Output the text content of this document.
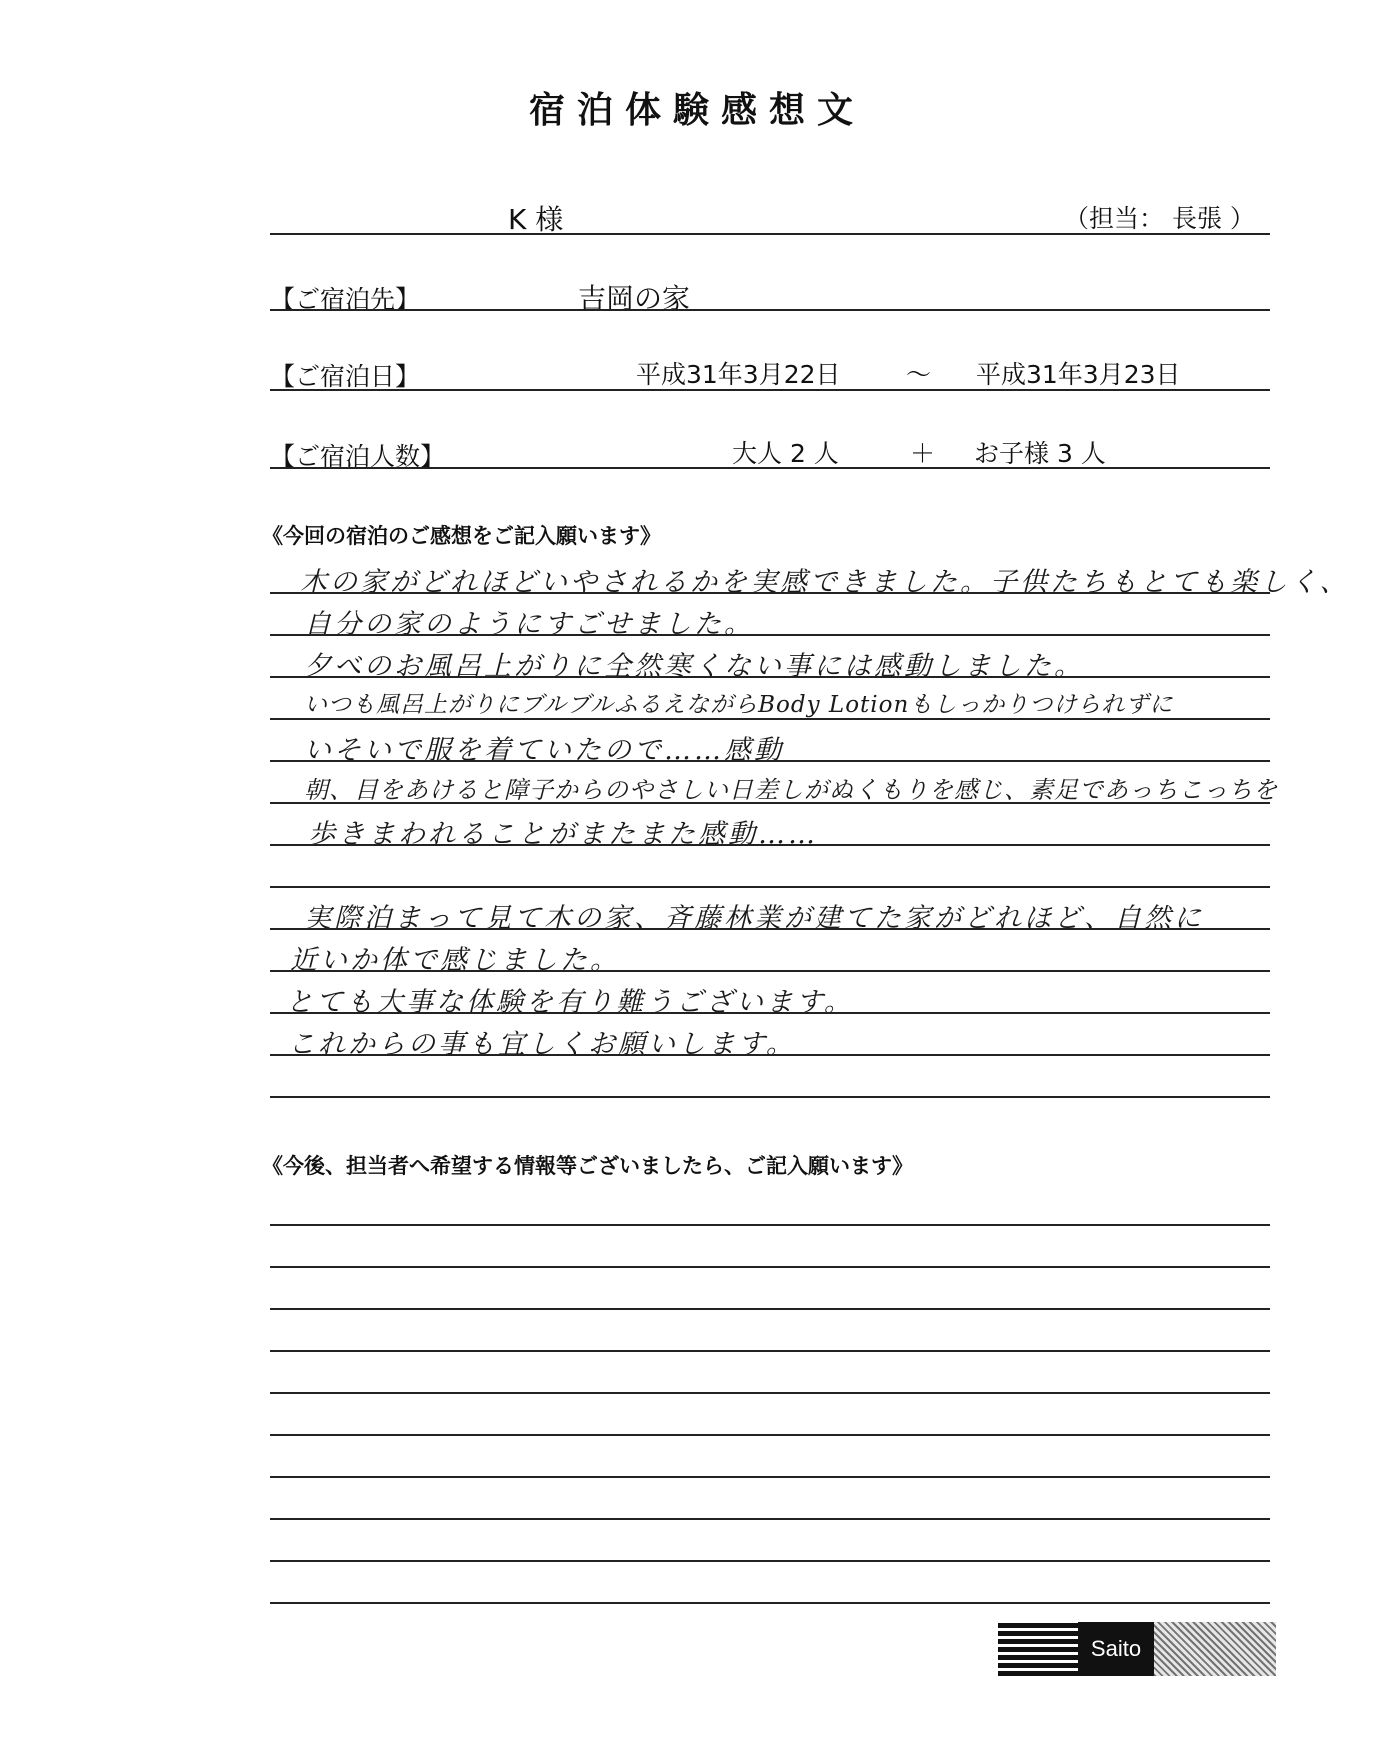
宿泊体験感想文
K 様	（担当： 長張 ）
【ご宿泊先】	吉岡の家
【ご宿泊日】	平成31年3月22日	～ 平成31年3月23日
【ご宿泊人数】	大人 2 人	＋ お子様 3 人
《今回の宿泊のご感想をご記入願います》
木の家がどれほどいやされるかを実感できました。子供たちもとても楽しく、
自分の家のようにすごせました。
夕べのお風呂上がりに全然寒くない事には感動しました。
いつも風呂上がりにブルブルふるえながらBody Lotionもしっかりつけられずに
いそいで服を着ていたので……感動
朝、目をあけると障子からのやさしい日差しがぬくもりを感じ、素足であっちこっちを
歩きまわれることがまたまた感動……
実際泊まって見て木の家、斉藤林業が建てた家がどれほど、自然に
近いか体で感じました。
とても大事な体験を有り難うございます。
これからの事も宜しくお願いします。
《今後、担当者へ希望する情報等ございましたら、ご記入願います》
Saito
